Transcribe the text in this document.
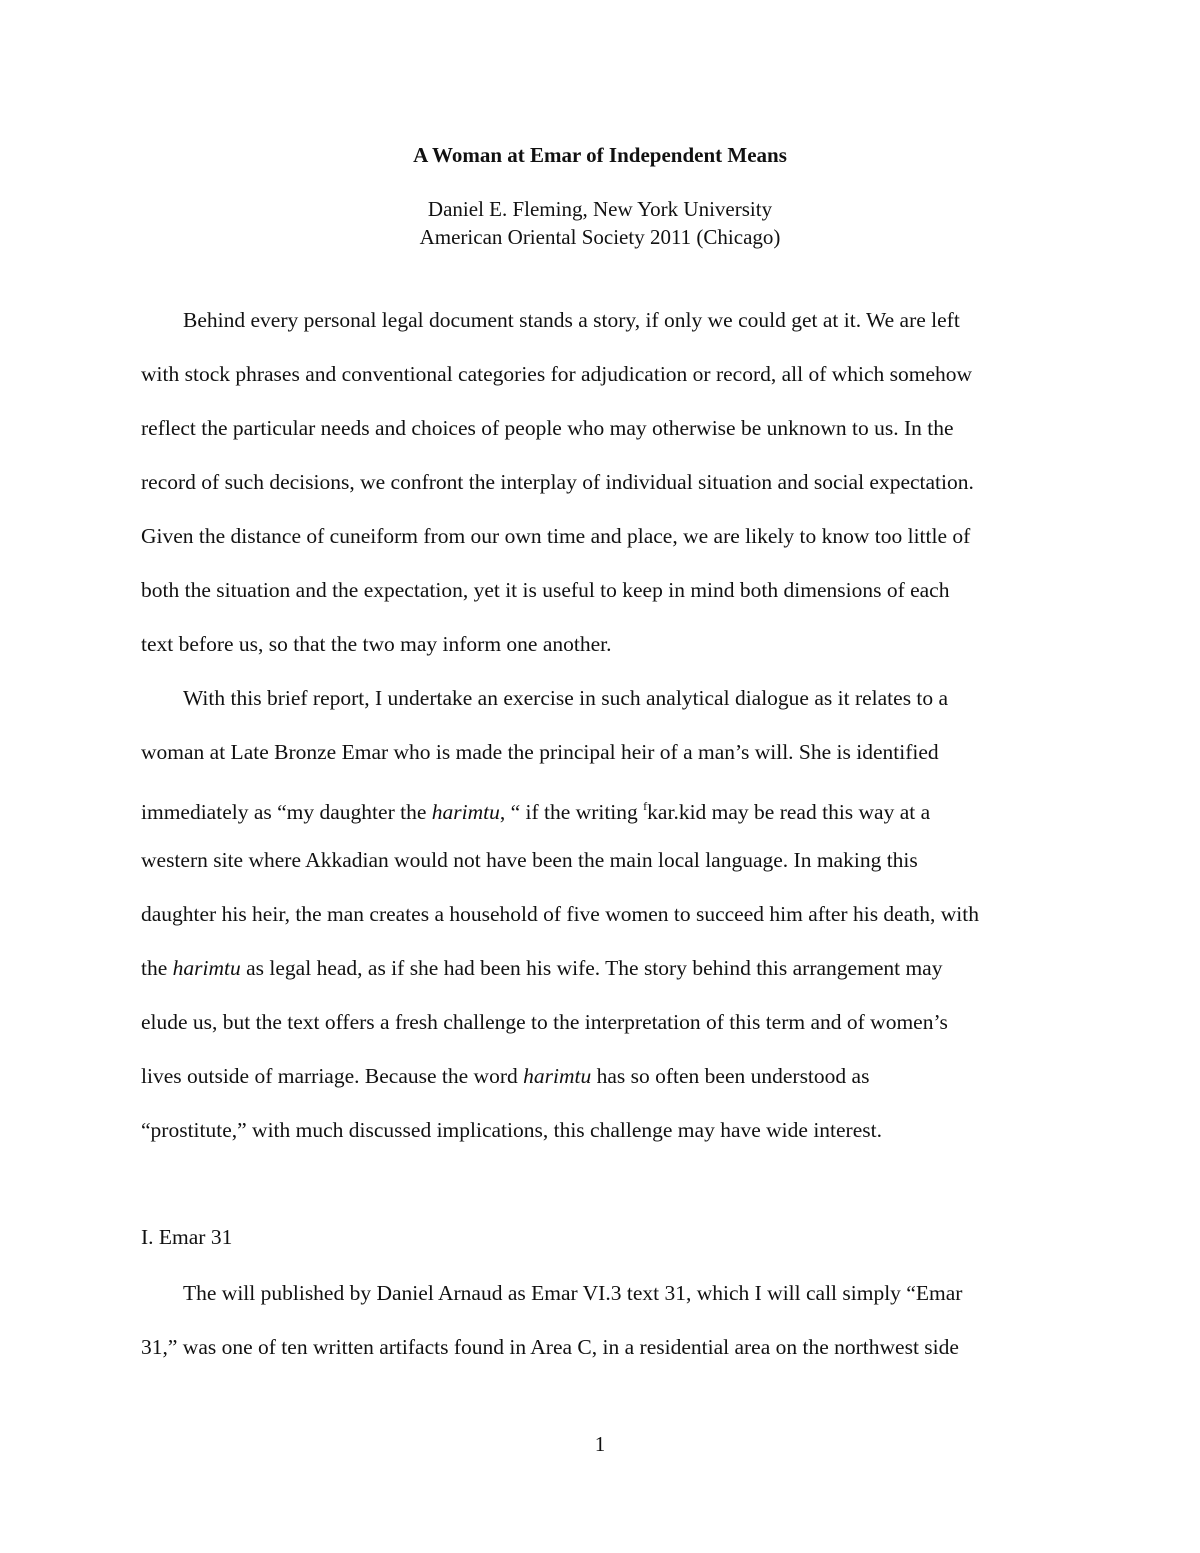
A Woman at Emar of Independent Means
Daniel E. Fleming, New York University
American Oriental Society 2011 (Chicago)
Behind every personal legal document stands a story, if only we could get at it. We are left
with stock phrases and conventional categories for adjudication or record, all of which somehow
reflect the particular needs and choices of people who may otherwise be unknown to us. In the
record of such decisions, we confront the interplay of individual situation and social expectation.
Given the distance of cuneiform from our own time and place, we are likely to know too little of
both the situation and the expectation, yet it is useful to keep in mind both dimensions of each
text before us, so that the two may inform one another.
With this brief report, I undertake an exercise in such analytical dialogue as it relates to a
woman at Late Bronze Emar who is made the principal heir of a man’s will. She is identified
immediately as “my daughter the harimtu, “ if the writing $^f$kar.kid may be read this way at a
western site where Akkadian would not have been the main local language. In making this
daughter his heir, the man creates a household of five women to succeed him after his death, with
the harimtu as legal head, as if she had been his wife. The story behind this arrangement may
elude us, but the text offers a fresh challenge to the interpretation of this term and of women’s
lives outside of marriage. Because the word harimtu has so often been understood as
“prostitute,” with much discussed implications, this challenge may have wide interest.
I. Emar 31
The will published by Daniel Arnaud as Emar VI.3 text 31, which I will call simply “Emar
31,” was one of ten written artifacts found in Area C, in a residential area on the northwest side
1
